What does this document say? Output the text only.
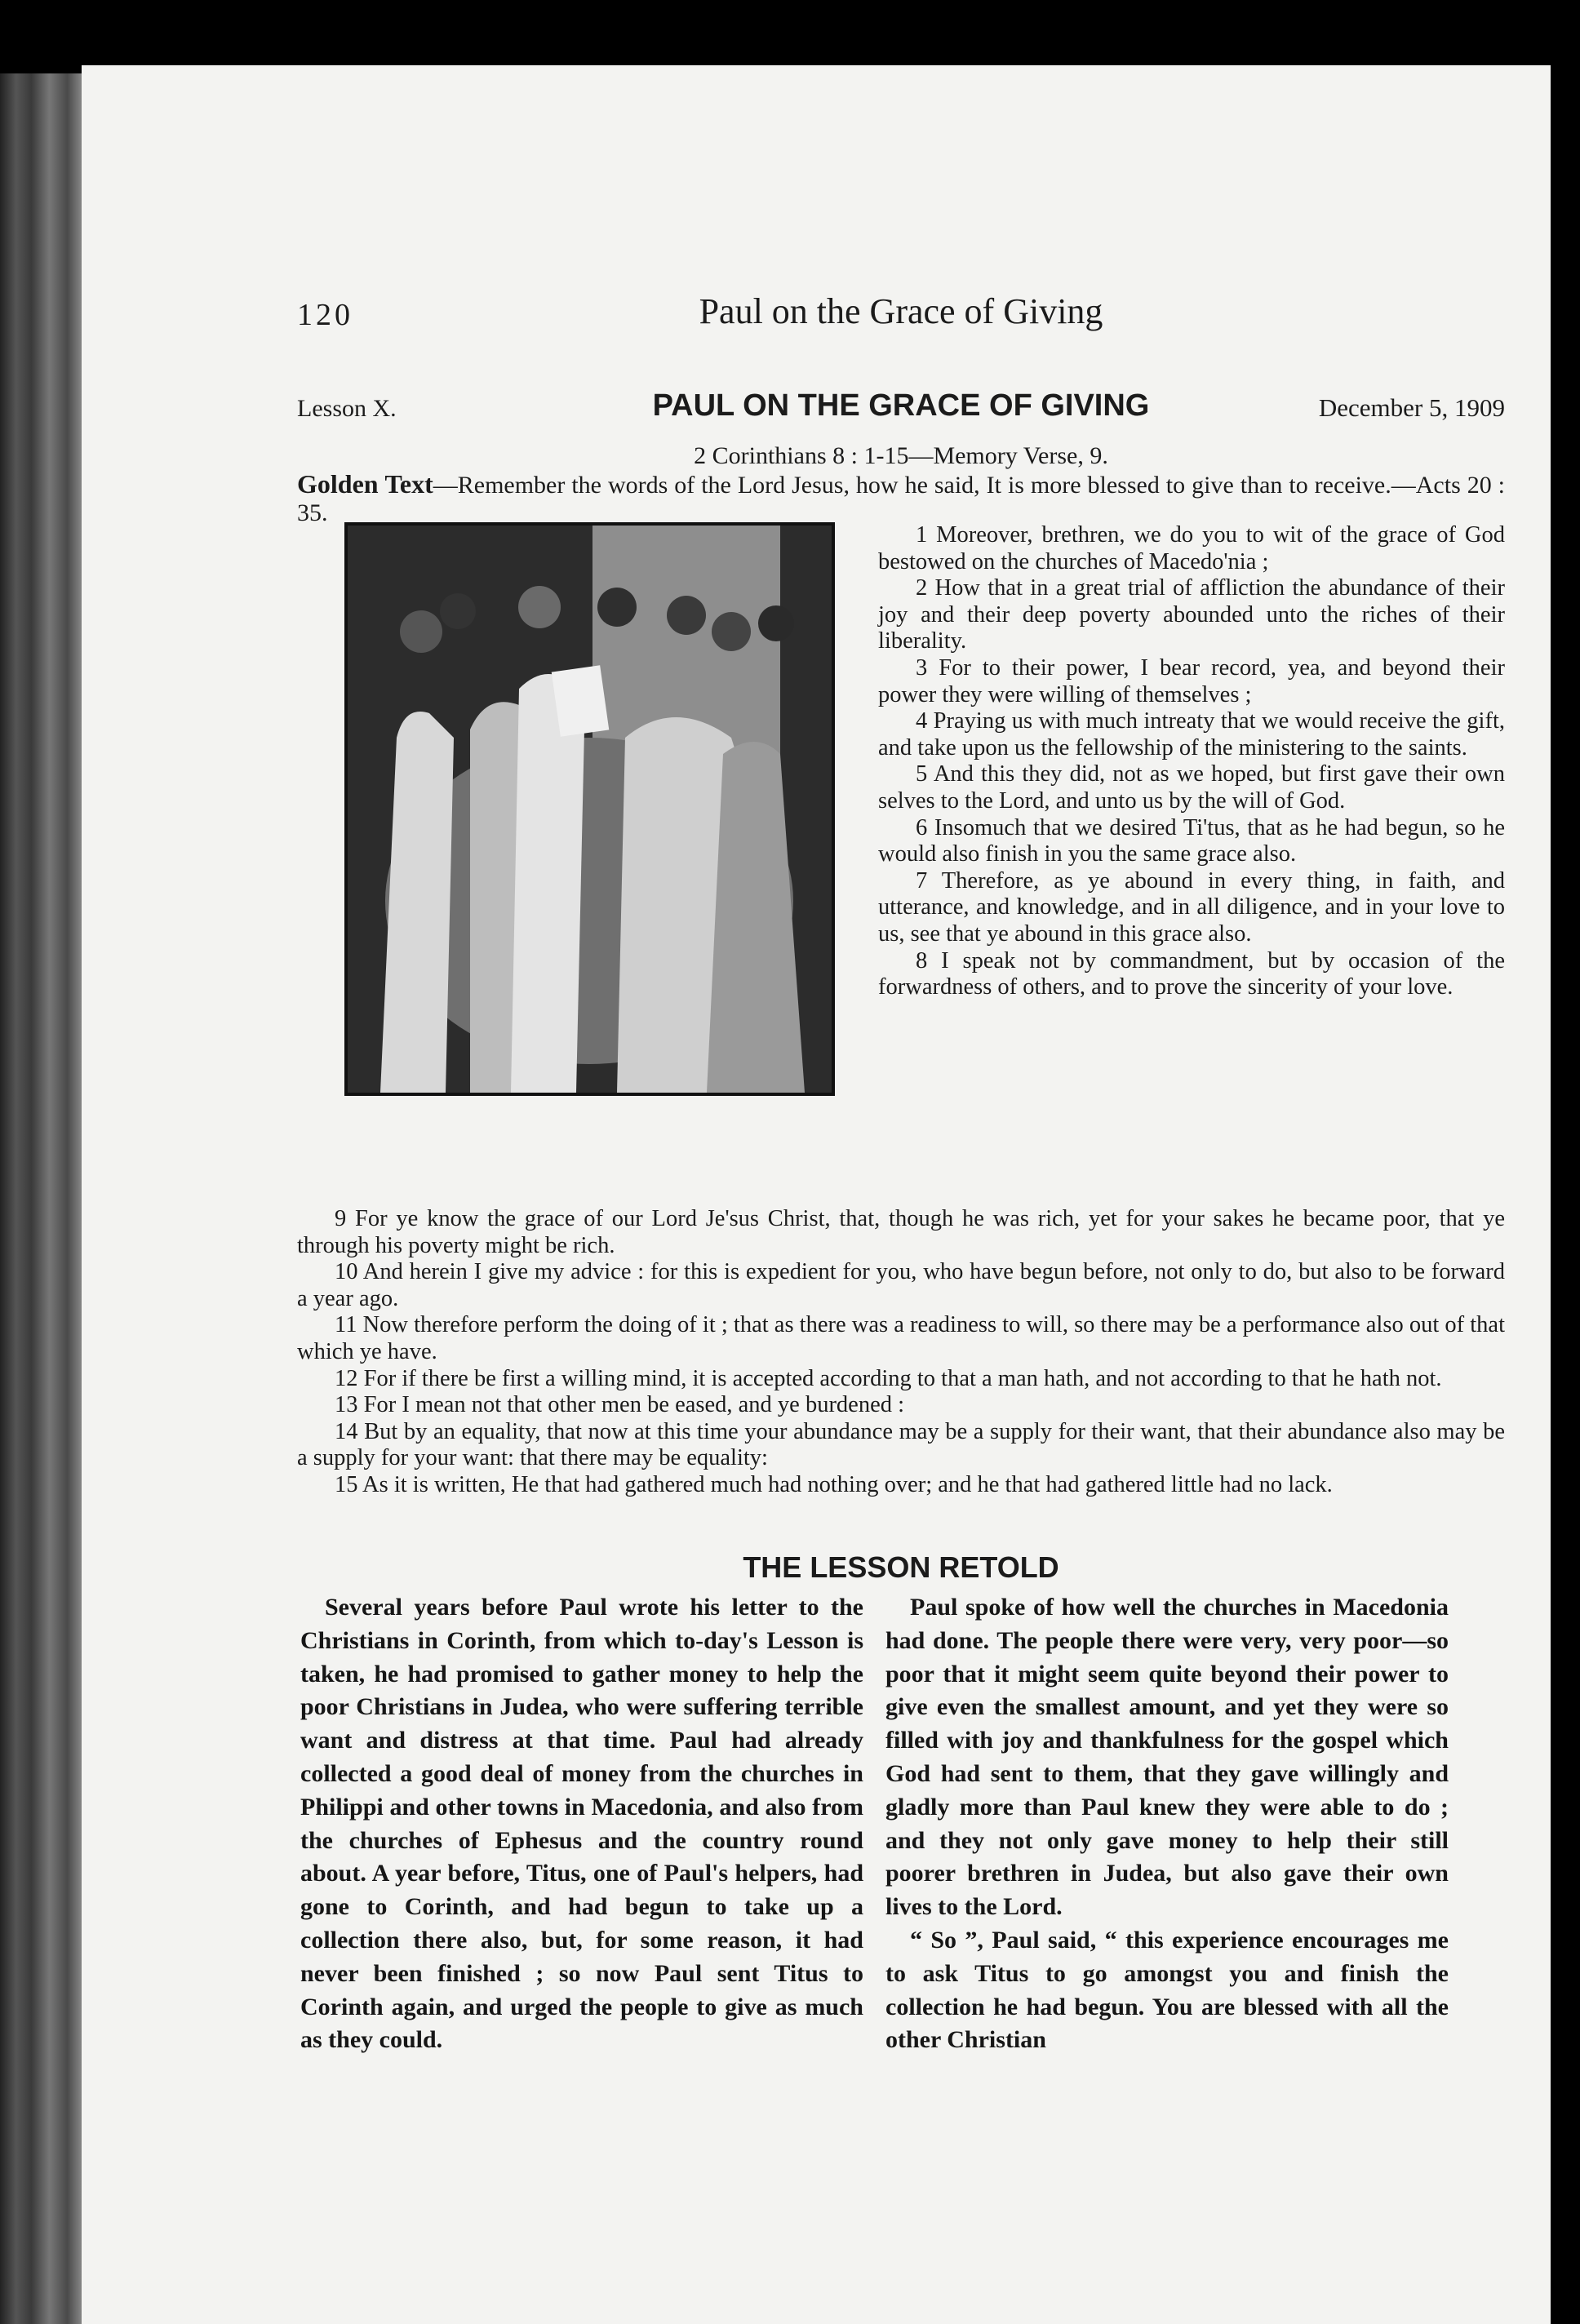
120	Paul on the Grace of Giving
Lesson X.	PAUL ON THE GRACE OF GIVING	December 5, 1909
2 Corinthians 8 : 1-15—Memory Verse, 9.
Golden Text—Remember the words of the Lord Jesus, how he said, It is more blessed to give than to receive.—Acts 20 : 35.

1 Moreover, brethren, we do you to wit of the grace of God bestowed on the churches of Macedo'nia ;

2 How that in a great trial of affliction the abundance of their joy and their deep poverty abounded unto the riches of their liberality.

3 For to their power, I bear record, yea, and beyond their power they were willing of themselves ;

4 Praying us with much intreaty that we would receive the gift, and take upon us the fellowship of the ministering to the saints.

5 And this they did, not as we hoped, but first gave their own selves to the Lord, and unto us by the will of God.

6 Insomuch that we desired Ti'tus, that as he had begun, so he would also finish in you the same grace also.

7 Therefore, as ye abound in every thing, in faith, and utterance, and knowledge, and in all diligence, and in your love to us, see that ye abound in this grace also.

8 I speak not by commandment, but by occasion of the forwardness of others, and to prove the sincerity of your love.

9 For ye know the grace of our Lord Je'sus Christ, that, though he was rich, yet for your sakes he became poor, that ye through his poverty might be rich.

10 And herein I give my advice : for this is expedient for you, who have begun before, not only to do, but also to be forward a year ago.

11 Now therefore perform the doing of it ; that as there was a readiness to will, so there may be a performance also out of that which ye have.

12 For if there be first a willing mind, it is accepted according to that a man hath, and not according to that he hath not.

13 For I mean not that other men be eased, and ye burdened :

14 But by an equality, that now at this time your abundance may be a supply for their want, that their abundance also may be a supply for your want: that there may be equality:

15 As it is written, He that had gathered much had nothing over; and he that had gathered little had no lack.

THE LESSON RETOLD

Several years before Paul wrote his letter to the Christians in Corinth, from which to-day's Lesson is taken, he had promised to gather money to help the poor Christians in Judea, who were suffering terrible want and distress at that time. Paul had already collected a good deal of money from the churches in Philippi and other towns in Macedonia, and also from the churches of Ephesus and the country round about. A year before, Titus, one of Paul's helpers, had gone to Corinth, and had begun to take up a collection there also, but, for some reason, it had never been finished ; so now Paul sent Titus to Corinth again, and urged the people to give as much as they could.

Paul spoke of how well the churches in Macedonia had done. The people there were very, very poor—so poor that it might seem quite beyond their power to give even the smallest amount, and yet they were so filled with joy and thankfulness for the gospel which God had sent to them, that they gave willingly and gladly more than Paul knew they were able to do ; and they not only gave money to help their still poorer brethren in Judea, but also gave their own lives to the Lord.

“ So ”, Paul said, “ this experience encourages me to ask Titus to go amongst you and finish the collection he had begun. You are blessed with all the other Christian
